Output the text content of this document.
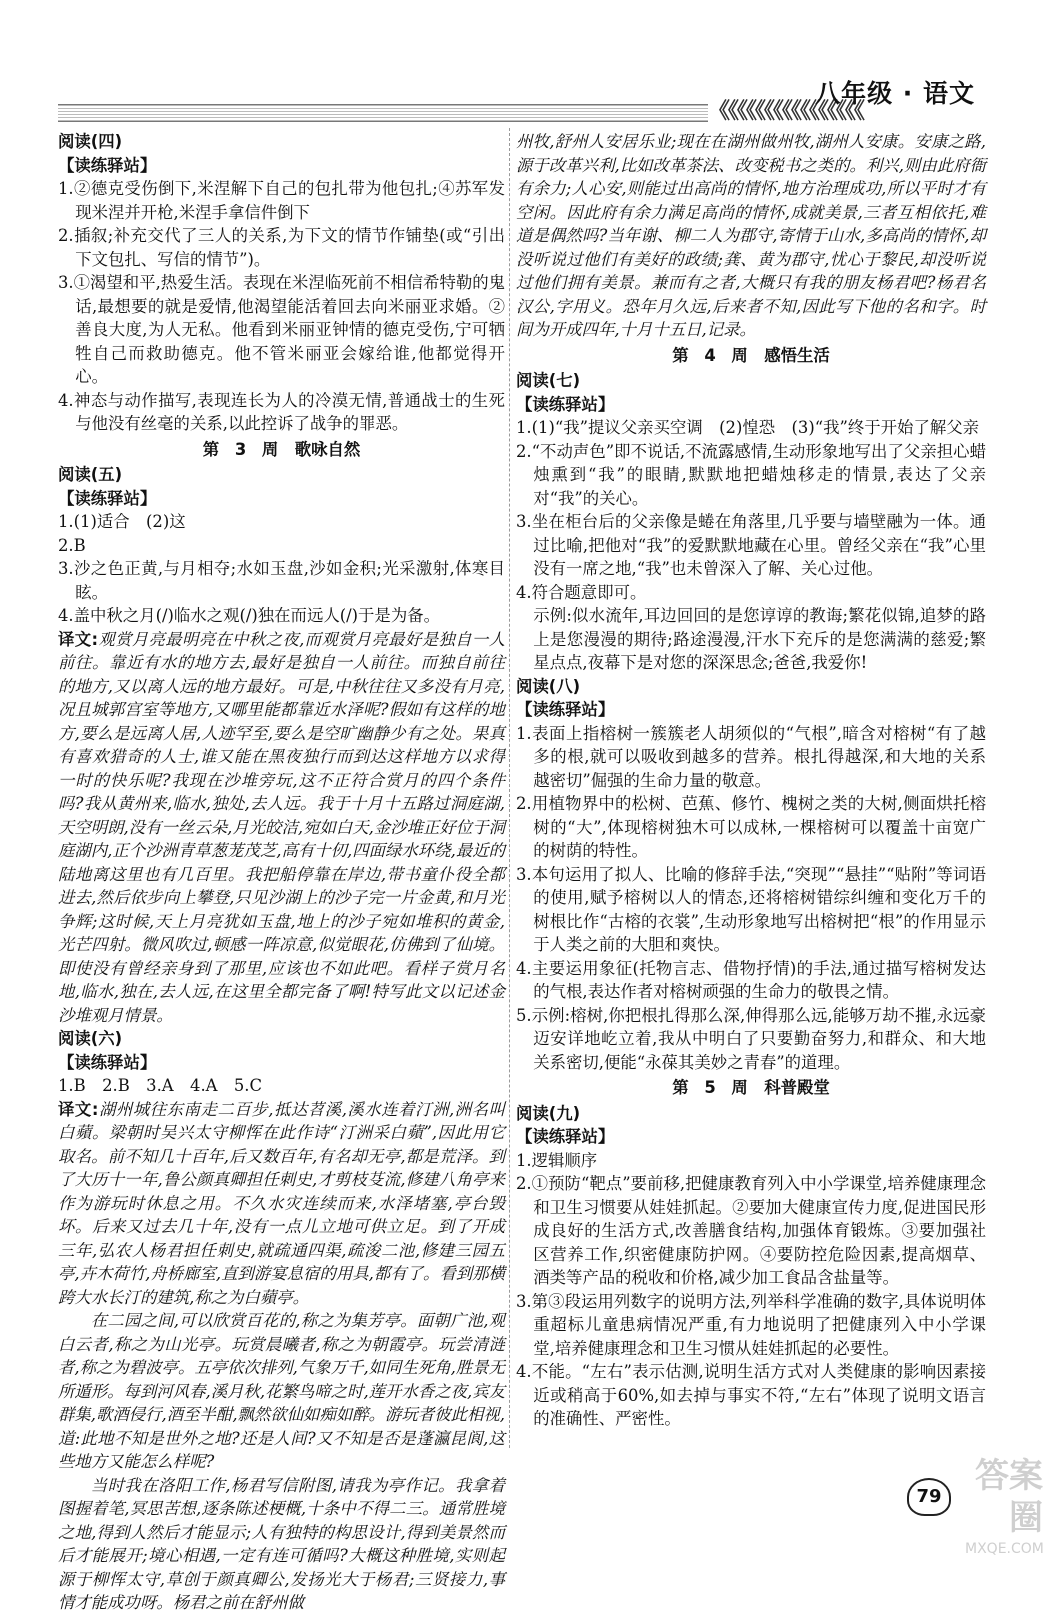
《《《《《《《《《《《《《《《《
八年级 · 语文

阅读(四)

【读练驿站】

1.②德克受伤倒下,米涅解下自己的包扎带为他包扎;④苏军发现米涅并开枪,米涅手拿信件倒下

2.插叙;补充交代了三人的关系,为下文的情节作铺垫(或“引出下文包扎、写信的情节”)。

3.①渴望和平,热爱生活。表现在米涅临死前不相信希特勒的鬼话,最想要的就是爱情,他渴望能活着回去向米丽亚求婚。②善良大度,为人无私。他看到米丽亚钟情的德克受伤,宁可牺牲自己而救助德克。他不管米丽亚会嫁给谁,他都觉得开心。

4.神态与动作描写,表现连长为人的冷漠无情,普通战士的生死与他没有丝毫的关系,以此控诉了战争的罪恶。

第 3 周　歌咏自然

阅读(五)

【读练驿站】

1.(1)适合　(2)这

2.B

3.沙之色正黄,与月相夺;水如玉盘,沙如金积;光采激射,体寒目眩。

4.盖中秋之月(/)临水之观(/)独在而远人(/)于是为备。

译文:观赏月亮最明亮在中秋之夜,而观赏月亮最好是独自一人前往。靠近有水的地方去,最好是独自一人前往。而独自前往的地方,又以离人远的地方最好。可是,中秋往往又多没有月亮,况且城郭宫室等地方,又哪里能都靠近水泽呢?假如有这样的地方,要么是远离人居,人迹罕至,要么是空旷幽静少有之处。果真有喜欢猎奇的人士,谁又能在黑夜独行而到达这样地方以求得一时的快乐呢?我现在沙堆旁玩,这不正符合赏月的四个条件吗?我从黄州来,临水,独处,去人远。我于十月十五路过洞庭湖,天空明朗,没有一丝云朵,月光皎洁,宛如白天,金沙堆正好位于洞庭湖内,正个沙洲青草葱茏茂芝,高有十仞,四面绿水环绕,最近的陆地离这里也有几百里。我把船停靠在岸边,带书童仆役全都进去,然后依步向上攀登,只见沙湖上的沙子完一片金黄,和月光争辉;这时候,天上月亮犹如玉盘,地上的沙子宛如堆积的黄金,光芒四射。微风吹过,顿感一阵凉意,似觉眼花,仿佛到了仙境。即使没有曾经亲身到了那里,应该也不如此吧。看样子赏月名地,临水,独在,去人远,在这里全都完备了啊!特写此文以记述金沙堆观月情景。

阅读(六)

【读练驿站】

1.B　2.B　3.A　4.A　5.C

译文:湖州城往东南走二百步,抵达苕溪,溪水连着汀洲,洲名叫白蘋。梁朝时吴兴太守柳恽在此作诗“汀洲采白蘋”,因此用它取名。前不知几十百年,后又数百年,有名却无亭,都是荒泽。到了大历十一年,鲁公颜真卿担任刺史,才剪枝芟流,修建八角亭来作为游玩时休息之用。不久水灾连续而来,水泽堵塞,亭台毁坏。后来又过去几十年,没有一点儿立地可供立足。到了开成三年,弘农人杨君担任刺史,就疏通四渠,疏浚二池,修建三园五亭,卉木荷竹,舟桥廊室,直到游宴息宿的用具,都有了。看到那横跨大水长汀的建筑,称之为白蘋亭。

在二园之间,可以欣赏百花的,称之为集芳亭。面朝广池,观白云者,称之为山光亭。玩赏晨曦者,称之为朝霞亭。玩尝清涟者,称之为碧波亭。五亭依次排列,气象万千,如同生死角,胜景无所遁形。每到河风春,溪月秋,花繁鸟啼之时,莲开水香之夜,宾友群集,歌酒侵行,酒至半酣,飘然欲仙如痴如醉。游玩者彼此相视,道:此地不知是世外之地?还是人间?又不知是否是蓬瀛昆阆,这些地方又能怎么样呢?

当时我在洛阳工作,杨君写信附图,请我为亭作记。我拿着图握着笔,冥思苦想,逐条陈述梗概,十条中不得二三。通常胜境之地,得到人然后才能显示;人有独特的构思设计,得到美景然而后才能展开;境心相遇,一定有连可循吗?大概这种胜境,实则起源于柳恽太守,草创于颜真卿公,发扬光大于杨君;三贤接力,事情才能成功呀。杨君之前在舒州做

州牧,舒州人安居乐业;现在在湖州做州牧,湖州人安康。安康之路,源于改革兴利,比如改革茶法、改变税书之类的。利兴,则由此府衙有余力;人心安,则能过出高尚的情怀,地方治理成功,所以平时才有空闲。因此府有余力满足高尚的情怀,成就美景,三者互相依托,难道是偶然吗?当年谢、柳二人为郡守,寄情于山水,多高尚的情怀,却没听说过他们有美好的政绩;龚、黄为郡守,忧心于黎民,却没听说过他们拥有美景。兼而有之者,大概只有我的朋友杨君吧?杨君名汉公,字用义。恐年月久远,后来者不知,因此写下他的名和字。时间为开成四年,十月十五日,记录。

第 4 周　感悟生活

阅读(七)

【读练驿站】

1.(1)“我”提议父亲买空调　(2)惶恐　(3)“我”终于开始了解父亲

2.“不动声色”即不说话,不流露感情,生动形象地写出了父亲担心蜡烛熏到“我”的眼睛,默默地把蜡烛移走的情景,表达了父亲对“我”的关心。

3.坐在柜台后的父亲像是蜷在角落里,几乎要与墙壁融为一体。通过比喻,把他对“我”的爱默默地藏在心里。曾经父亲在“我”心里没有一席之地,“我”也未曾深入了解、关心过他。

4.符合题意即可。

示例:似水流年,耳边回回的是您谆谆的教诲;繁花似锦,追梦的路上是您漫漫的期待;路途漫漫,汗水下充斥的是您满满的慈爱;繁星点点,夜幕下是对您的深深思念;爸爸,我爱你!

阅读(八)

【读练驿站】

1.表面上指榕树一簇簇老人胡须似的“气根”,暗含对榕树“有了越多的根,就可以吸收到越多的营养。根扎得越深,和大地的关系越密切”倔强的生命力量的敬意。

2.用植物界中的松树、芭蕉、修竹、槐树之类的大树,侧面烘托榕树的“大”,体现榕树独木可以成林,一棵榕树可以覆盖十亩宽广的树荫的特性。

3.本句运用了拟人、比喻的修辞手法,“突现”“悬挂”“贴附”等词语的使用,赋予榕树以人的情态,还将榕树错综纠缠和变化万千的树根比作“古榕的衣裳”,生动形象地写出榕树把“根”的作用显示于人类之前的大胆和爽快。

4.主要运用象征(托物言志、借物抒情)的手法,通过描写榕树发达的气根,表达作者对榕树顽强的生命力的敬畏之情。

5.示例:榕树,你把根扎得那么深,伸得那么远,能够万劫不摧,永远豪迈安详地屹立着,我从中明白了只要勤奋努力,和群众、和大地关系密切,便能“永葆其美妙之青春”的道理。

第 5 周　科普殿堂

阅读(九)

【读练驿站】

1.逻辑顺序

2.①预防“靶点”要前移,把健康教育列入中小学课堂,培养健康理念和卫生习惯要从娃娃抓起。②要加大健康宣传力度,促进国民形成良好的生活方式,改善膳食结构,加强体育锻炼。③要加强社区营养工作,织密健康防护网。④要防控危险因素,提高烟草、酒类等产品的税收和价格,减少加工食品含盐量等。

3.第③段运用列数字的说明方法,列举科学准确的数字,具体说明体重超标儿童患病情况严重,有力地说明了把健康列入中小学课堂,培养健康理念和卫生习惯从娃娃抓起的必要性。

4.不能。“左右”表示估测,说明生活方式对人类健康的影响因素接近或稍高于60%,如去掉与事实不符,“左右”体现了说明文语言的准确性、严密性。

79
答案圈
MXQE.COM
